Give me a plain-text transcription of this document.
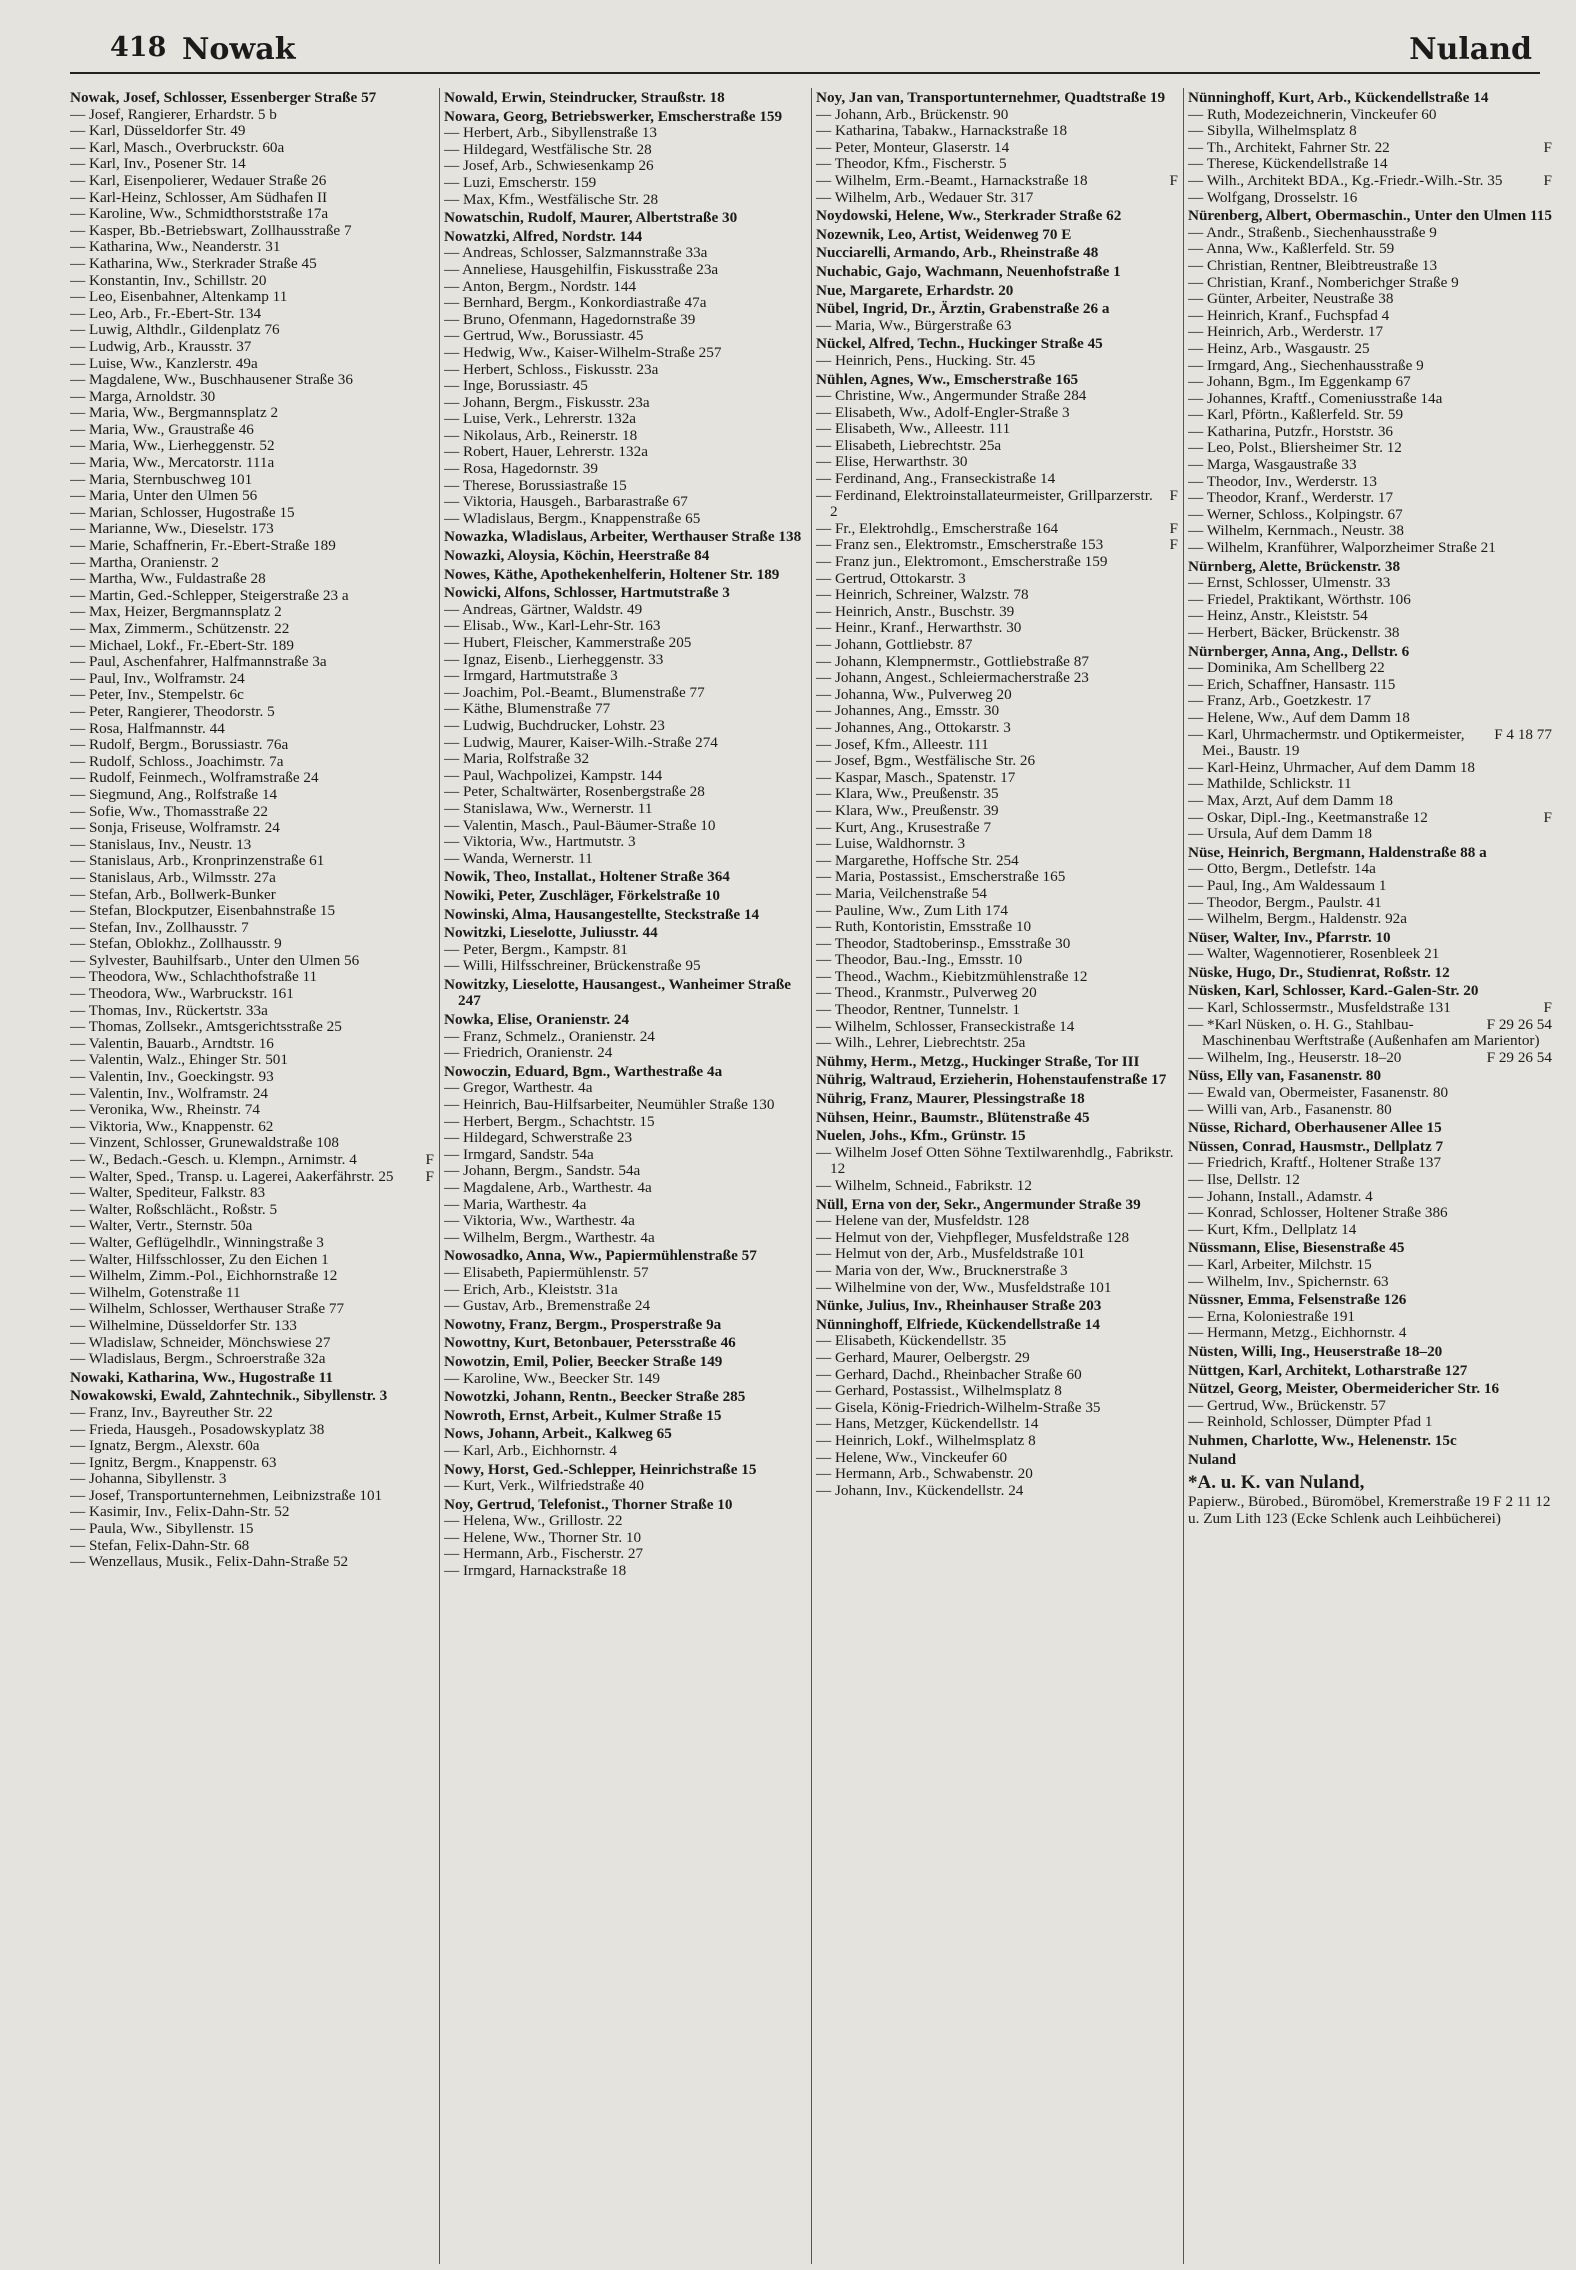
418 Nowak	Nuland

Nowak, Josef, Schlosser, Essenberger Straße 57

— Josef, Rangierer, Erhardstr. 5 b

— Karl, Düsseldorfer Str. 49

— Karl, Masch., Overbruckstr. 60a

— Karl, Inv., Posener Str. 14

— Karl, Eisenpolierer, Wedauer Straße 26

— Karl-Heinz, Schlosser, Am Südhafen II

— Karoline, Ww., Schmidthorststraße 17a

— Kasper, Bb.-Betriebswart, Zollhausstraße 7

— Katharina, Ww., Neanderstr. 31

— Katharina, Ww., Sterkrader Straße 45

— Konstantin, Inv., Schillstr. 20

— Leo, Eisenbahner, Altenkamp 11

— Leo, Arb., Fr.-Ebert-Str. 134

— Luwig, Althdlr., Gildenplatz 76

— Ludwig, Arb., Krausstr. 37

— Luise, Ww., Kanzlerstr. 49a

— Magdalene, Ww., Buschhausener Straße 36

— Marga, Arnoldstr. 30

— Maria, Ww., Bergmannsplatz 2

— Maria, Ww., Graustraße 46

— Maria, Ww., Lierheggenstr. 52

— Maria, Ww., Mercatorstr. 111a

— Maria, Sternbuschweg 101

— Maria, Unter den Ulmen 56

— Marian, Schlosser, Hugostraße 15

— Marianne, Ww., Dieselstr. 173

— Marie, Schaffnerin, Fr.-Ebert-Straße 189

— Martha, Oranienstr. 2

— Martha, Ww., Fuldastraße 28

— Martin, Ged.-Schlepper, Steigerstraße 23 a

— Max, Heizer, Bergmannsplatz 2

— Max, Zimmerm., Schützenstr. 22

— Michael, Lokf., Fr.-Ebert-Str. 189

— Paul, Aschenfahrer, Halfmannstraße 3a

— Paul, Inv., Wolframstr. 24

— Peter, Inv., Stempelstr. 6c

— Peter, Rangierer, Theodorstr. 5

— Rosa, Halfmannstr. 44

— Rudolf, Bergm., Borussiastr. 76a

— Rudolf, Schloss., Joachimstr. 7a

— Rudolf, Feinmech., Wolframstraße 24

— Siegmund, Ang., Rolfstraße 14

— Sofie, Ww., Thomasstraße 22

— Sonja, Friseuse, Wolframstr. 24

— Stanislaus, Inv., Neustr. 13

— Stanislaus, Arb., Kronprinzenstraße 61

— Stanislaus, Arb., Wilmsstr. 27a

— Stefan, Arb., Bollwerk-Bunker

— Stefan, Blockputzer, Eisenbahnstraße 15

— Stefan, Inv., Zollhausstr. 7

— Stefan, Oblokhz., Zollhausstr. 9

— Sylvester, Bauhilfsarb., Unter den Ulmen 56

— Theodora, Ww., Schlachthofstraße 11

— Theodora, Ww., Warbruckstr. 161

— Thomas, Inv., Rückertstr. 33a

— Thomas, Zollsekr., Amtsgerichtsstraße 25

— Valentin, Bauarb., Arndtstr. 16

— Valentin, Walz., Ehinger Str. 501

— Valentin, Inv., Goeckingstr. 93

— Valentin, Inv., Wolframstr. 24

— Veronika, Ww., Rheinstr. 74

— Viktoria, Ww., Knappenstr. 62

— Vinzent, Schlosser, Grunewaldstraße 108

F
— W., Bedach.-Gesch. u. Klempn., Arnimstr. 4

F
— Walter, Sped., Transp. u. Lagerei, Aakerfährstr. 25

— Walter, Spediteur, Falkstr. 83

— Walter, Roßschlächt., Roßstr. 5

— Walter, Vertr., Sternstr. 50a

— Walter, Geflügelhdlr., Winningstraße 3

— Walter, Hilfsschlosser, Zu den Eichen 1

— Wilhelm, Zimm.-Pol., Eichhornstraße 12

— Wilhelm, Gotenstraße 11

— Wilhelm, Schlosser, Werthauser Straße 77

— Wilhelmine, Düsseldorfer Str. 133

— Wladislaw, Schneider, Mönchswiese 27

— Wladislaus, Bergm., Schroerstraße 32a

Nowaki, Katharina, Ww., Hugostraße 11

Nowakowski, Ewald, Zahntechnik., Sibyllenstr. 3

— Franz, Inv., Bayreuther Str. 22

— Frieda, Hausgeh., Posadowskyplatz 38

— Ignatz, Bergm., Alexstr. 60a

— Ignitz, Bergm., Knappenstr. 63

— Johanna, Sibyllenstr. 3

— Josef, Transportunternehmen, Leibnizstraße 101

— Kasimir, Inv., Felix-Dahn-Str. 52

— Paula, Ww., Sibyllenstr. 15

— Stefan, Felix-Dahn-Str. 68

— Wenzellaus, Musik., Felix-Dahn-Straße 52

Nowald, Erwin, Steindrucker, Straußstr. 18

Nowara, Georg, Betriebswerker, Emscherstraße 159

— Herbert, Arb., Sibyllenstraße 13

— Hildegard, Westfälische Str. 28

— Josef, Arb., Schwiesenkamp 26

— Luzi, Emscherstr. 159

— Max, Kfm., Westfälische Str. 28

Nowatschin, Rudolf, Maurer, Albertstraße 30

Nowatzki, Alfred, Nordstr. 144

— Andreas, Schlosser, Salzmannstraße 33a

— Anneliese, Hausgehilfin, Fiskusstraße 23a

— Anton, Bergm., Nordstr. 144

— Bernhard, Bergm., Konkordiastraße 47a

— Bruno, Ofenmann, Hagedornstraße 39

— Gertrud, Ww., Borussiastr. 45

— Hedwig, Ww., Kaiser-Wilhelm-Straße 257

— Herbert, Schloss., Fiskusstr. 23a

— Inge, Borussiastr. 45

— Johann, Bergm., Fiskusstr. 23a

— Luise, Verk., Lehrerstr. 132a

— Nikolaus, Arb., Reinerstr. 18

— Robert, Hauer, Lehrerstr. 132a

— Rosa, Hagedornstr. 39

— Therese, Borussiastraße 15

— Viktoria, Hausgeh., Barbarastraße 67

— Wladislaus, Bergm., Knappenstraße 65

Nowazka, Wladislaus, Arbeiter, Werthauser Straße 138

Nowazki, Aloysia, Köchin, Heerstraße 84

Nowes, Käthe, Apothekenhelferin, Holtener Str. 189

Nowicki, Alfons, Schlosser, Hartmutstraße 3

— Andreas, Gärtner, Waldstr. 49

— Elisab., Ww., Karl-Lehr-Str. 163

— Hubert, Fleischer, Kammerstraße 205

— Ignaz, Eisenb., Lierheggenstr. 33

— Irmgard, Hartmutstraße 3

— Joachim, Pol.-Beamt., Blumenstraße 77

— Käthe, Blumenstraße 77

— Ludwig, Buchdrucker, Lohstr. 23

— Ludwig, Maurer, Kaiser-Wilh.-Straße 274

— Maria, Rolfstraße 32

— Paul, Wachpolizei, Kampstr. 144

— Peter, Schaltwärter, Rosenbergstraße 28

— Stanislawa, Ww., Wernerstr. 11

— Valentin, Masch., Paul-Bäumer-Straße 10

— Viktoria, Ww., Hartmutstr. 3

— Wanda, Wernerstr. 11

Nowik, Theo, Installat., Holtener Straße 364

Nowiki, Peter, Zuschläger, Förkelstraße 10

Nowinski, Alma, Hausangestellte, Steckstraße 14

Nowitzki, Lieselotte, Juliusstr. 44

— Peter, Bergm., Kampstr. 81

— Willi, Hilfsschreiner, Brückenstraße 95

Nowitzky, Lieselotte, Hausangest., Wanheimer Straße 247

Nowka, Elise, Oranienstr. 24

— Franz, Schmelz., Oranienstr. 24

— Friedrich, Oranienstr. 24

Nowoczin, Eduard, Bgm., Warthestraße 4a

— Gregor, Warthestr. 4a

— Heinrich, Bau-Hilfsarbeiter, Neumühler Straße 130

— Herbert, Bergm., Schachtstr. 15

— Hildegard, Schwerstraße 23

— Irmgard, Sandstr. 54a

— Johann, Bergm., Sandstr. 54a

— Magdalene, Arb., Warthestr. 4a

— Maria, Warthestr. 4a

— Viktoria, Ww., Warthestr. 4a

— Wilhelm, Bergm., Warthestr. 4a

Nowosadko, Anna, Ww., Papiermühlenstraße 57

— Elisabeth, Papiermühlenstr. 57

— Erich, Arb., Kleiststr. 31a

— Gustav, Arb., Bremenstraße 24

Nowotny, Franz, Bergm., Prosperstraße 9a

Nowottny, Kurt, Betonbauer, Petersstraße 46

Nowotzin, Emil, Polier, Beecker Straße 149

— Karoline, Ww., Beecker Str. 149

Nowotzki, Johann, Rentn., Beecker Straße 285

Nowroth, Ernst, Arbeit., Kulmer Straße 15

Nows, Johann, Arbeit., Kalkweg 65

— Karl, Arb., Eichhornstr. 4

Nowy, Horst, Ged.-Schlepper, Heinrichstraße 15

— Kurt, Verk., Wilfriedstraße 40

Noy, Gertrud, Telefonist., Thorner Straße 10

— Helena, Ww., Grillostr. 22

— Helene, Ww., Thorner Str. 10

— Hermann, Arb., Fischerstr. 27

— Irmgard, Harnackstraße 18

Noy, Jan van, Transportunternehmer, Quadtstraße 19

— Johann, Arb., Brückenstr. 90

— Katharina, Tabakw., Harnackstraße 18

— Peter, Monteur, Glaserstr. 14

— Theodor, Kfm., Fischerstr. 5

F
— Wilhelm, Erm.-Beamt., Harnackstraße 18

— Wilhelm, Arb., Wedauer Str. 317

Noydowski, Helene, Ww., Sterkrader Straße 62

Nozewnik, Leo, Artist, Weidenweg 70 E

Nucciarelli, Armando, Arb., Rheinstraße 48

Nuchabic, Gajo, Wachmann, Neuenhofstraße 1

Nue, Margarete, Erhardstr. 20

Nübel, Ingrid, Dr., Ärztin, Grabenstraße 26 a

— Maria, Ww., Bürgerstraße 63

Nückel, Alfred, Techn., Huckinger Straße 45

— Heinrich, Pens., Hucking. Str. 45

Nühlen, Agnes, Ww., Emscherstraße 165

— Christine, Ww., Angermunder Straße 284

— Elisabeth, Ww., Adolf-Engler-Straße 3

— Elisabeth, Ww., Alleestr. 111

— Elisabeth, Liebrechtstr. 25a

— Elise, Herwarthstr. 30

— Ferdinand, Ang., Franseckistraße 14

F
— Ferdinand, Elektroinstallateurmeister, Grillparzerstr. 2

F
— Fr., Elektrohdlg., Emscherstraße 164

F
— Franz sen., Elektromstr., Emscherstraße 153

— Franz jun., Elektromont., Emscherstraße 159

— Gertrud, Ottokarstr. 3

— Heinrich, Schreiner, Walzstr. 78

— Heinrich, Anstr., Buschstr. 39

— Heinr., Kranf., Herwarthstr. 30

— Johann, Gottliebstr. 87

— Johann, Klempnermstr., Gottliebstraße 87

— Johann, Angest., Schleiermacherstraße 23

— Johanna, Ww., Pulverweg 20

— Johannes, Ang., Emsstr. 30

— Johannes, Ang., Ottokarstr. 3

— Josef, Kfm., Alleestr. 111

— Josef, Bgm., Westfälische Str. 26

— Kaspar, Masch., Spatenstr. 17

— Klara, Ww., Preußenstr. 35

— Klara, Ww., Preußenstr. 39

— Kurt, Ang., Krusestraße 7

— Luise, Waldhornstr. 3

— Margarethe, Hoffsche Str. 254

— Maria, Postassist., Emscherstraße 165

— Maria, Veilchenstraße 54

— Pauline, Ww., Zum Lith 174

— Ruth, Kontoristin, Emsstraße 10

— Theodor, Stadtoberinsp., Emsstraße 30

— Theodor, Bau.-Ing., Emsstr. 10

— Theod., Wachm., Kiebitzmühlenstraße 12

— Theod., Kranmstr., Pulverweg 20

— Theodor, Rentner, Tunnelstr. 1

— Wilhelm, Schlosser, Franseckistraße 14

— Wilh., Lehrer, Liebrechtstr. 25a

Nühmy, Herm., Metzg., Huckinger Straße, Tor III

Nührig, Waltraud, Erzieherin, Hohenstaufenstraße 17

Nührig, Franz, Maurer, Plessingstraße 18

Nühsen, Heinr., Baumstr., Blütenstraße 45

Nuelen, Johs., Kfm., Grünstr. 15

— Wilhelm Josef Otten Söhne Textilwarenhdlg., Fabrikstr. 12

— Wilhelm, Schneid., Fabrikstr. 12

Nüll, Erna von der, Sekr., Angermunder Straße 39

— Helene van der, Musfeldstr. 128

— Helmut von der, Viehpfleger, Musfeldstraße 128

— Helmut von der, Arb., Musfeldstraße 101

— Maria von der, Ww., Brucknerstraße 3

— Wilhelmine von der, Ww., Musfeldstraße 101

Nünke, Julius, Inv., Rheinhauser Straße 203

Nünninghoff, Elfriede, Kückendellstraße 14

— Elisabeth, Kückendellstr. 35

— Gerhard, Maurer, Oelbergstr. 29

— Gerhard, Dachd., Rheinbacher Straße 60

— Gerhard, Postassist., Wilhelmsplatz 8

— Gisela, König-Friedrich-Wilhelm-Straße 35

— Hans, Metzger, Kückendellstr. 14

— Heinrich, Lokf., Wilhelmsplatz 8

— Helene, Ww., Vinckeufer 60

— Hermann, Arb., Schwabenstr. 20

— Johann, Inv., Kückendellstr. 24

Nünninghoff, Kurt, Arb., Kückendellstraße 14

— Ruth, Modezeichnerin, Vinckeufer 60

— Sibylla, Wilhelmsplatz 8

F
— Th., Architekt, Fahrner Str. 22

— Therese, Kückendellstraße 14

F
— Wilh., Architekt BDA., Kg.-Friedr.-Wilh.-Str. 35

— Wolfgang, Drosselstr. 16

Nürenberg, Albert, Obermaschin., Unter den Ulmen 115

— Andr., Straßenb., Siechenhausstraße 9

— Anna, Ww., Kaßlerfeld. Str. 59

— Christian, Rentner, Bleibtreustraße 13

— Christian, Kranf., Nomberichger Straße 9

— Günter, Arbeiter, Neustraße 38

— Heinrich, Kranf., Fuchspfad 4

— Heinrich, Arb., Werderstr. 17

— Heinz, Arb., Wasgaustr. 25

— Irmgard, Ang., Siechenhausstraße 9

— Johann, Bgm., Im Eggenkamp 67

— Johannes, Kraftf., Comeniusstraße 14a

— Karl, Pförtn., Kaßlerfeld. Str. 59

— Katharina, Putzfr., Horststr. 36

— Leo, Polst., Bliersheimer Str. 12

— Marga, Wasgaustraße 33

— Theodor, Inv., Werderstr. 13

— Theodor, Kranf., Werderstr. 17

— Werner, Schloss., Kolpingstr. 67

— Wilhelm, Kernmach., Neustr. 38

— Wilhelm, Kranführer, Walporzheimer Straße 21

Nürnberg, Alette, Brückenstr. 38

— Ernst, Schlosser, Ulmenstr. 33

— Friedel, Praktikant, Wörthstr. 106

— Heinz, Anstr., Kleiststr. 54

— Herbert, Bäcker, Brückenstr. 38

Nürnberger, Anna, Ang., Dellstr. 6

— Dominika, Am Schellberg 22

— Erich, Schaffner, Hansastr. 115

— Franz, Arb., Goetzkestr. 17

— Helene, Ww., Auf dem Damm 18

F 4 18 77
— Karl, Uhrmachermstr. und Optikermeister, Mei., Baustr. 19

— Karl-Heinz, Uhrmacher, Auf dem Damm 18

— Mathilde, Schlickstr. 11

— Max, Arzt, Auf dem Damm 18

F
— Oskar, Dipl.-Ing., Keetmanstraße 12

— Ursula, Auf dem Damm 18

Nüse, Heinrich, Bergmann, Haldenstraße 88 a

— Otto, Bergm., Detlefstr. 14a

— Paul, Ing., Am Waldessaum 1

— Theodor, Bergm., Paulstr. 41

— Wilhelm, Bergm., Haldenstr. 92a

Nüser, Walter, Inv., Pfarrstr. 10

— Walter, Wagennotierer, Rosenbleek 21

Nüske, Hugo, Dr., Studienrat, Roßstr. 12

Nüsken, Karl, Schlosser, Kard.-Galen-Str. 20

F
— Karl, Schlossermstr., Musfeldstraße 131

F 29 26 54
— *Karl Nüsken, o. H. G., Stahlbau-Maschinenbau Werftstraße (Außenhafen am Marientor)

F 29 26 54
— Wilhelm, Ing., Heuserstr. 18–20

Nüss, Elly van, Fasanenstr. 80

— Ewald van, Obermeister, Fasanenstr. 80

— Willi van, Arb., Fasanenstr. 80

Nüsse, Richard, Oberhausener Allee 15

Nüssen, Conrad, Hausmstr., Dellplatz 7

— Friedrich, Kraftf., Holtener Straße 137

— Ilse, Dellstr. 12

— Johann, Install., Adamstr. 4

— Konrad, Schlosser, Holtener Straße 386

— Kurt, Kfm., Dellplatz 14

Nüssmann, Elise, Biesenstraße 45

— Karl, Arbeiter, Milchstr. 15

— Wilhelm, Inv., Spichernstr. 63

Nüssner, Emma, Felsenstraße 126

— Erna, Koloniestraße 191

— Hermann, Metzg., Eichhornstr. 4

Nüsten, Willi, Ing., Heuserstraße 18–20

Nüttgen, Karl, Architekt, Lotharstraße 127

Nützel, Georg, Meister, Obermeidericher Str. 16

— Gertrud, Ww., Brückenstr. 57

— Reinhold, Schlosser, Dümpter Pfad 1

Nuhmen, Charlotte, Ww., Helenenstr. 15c

Nuland

*A. u. K. van Nuland,
Papierw., Bürobed., Büromöbel, Kremerstraße 19 F 2 11 12 u. Zum Lith 123 (Ecke Schlenk auch Leihbücherei)
